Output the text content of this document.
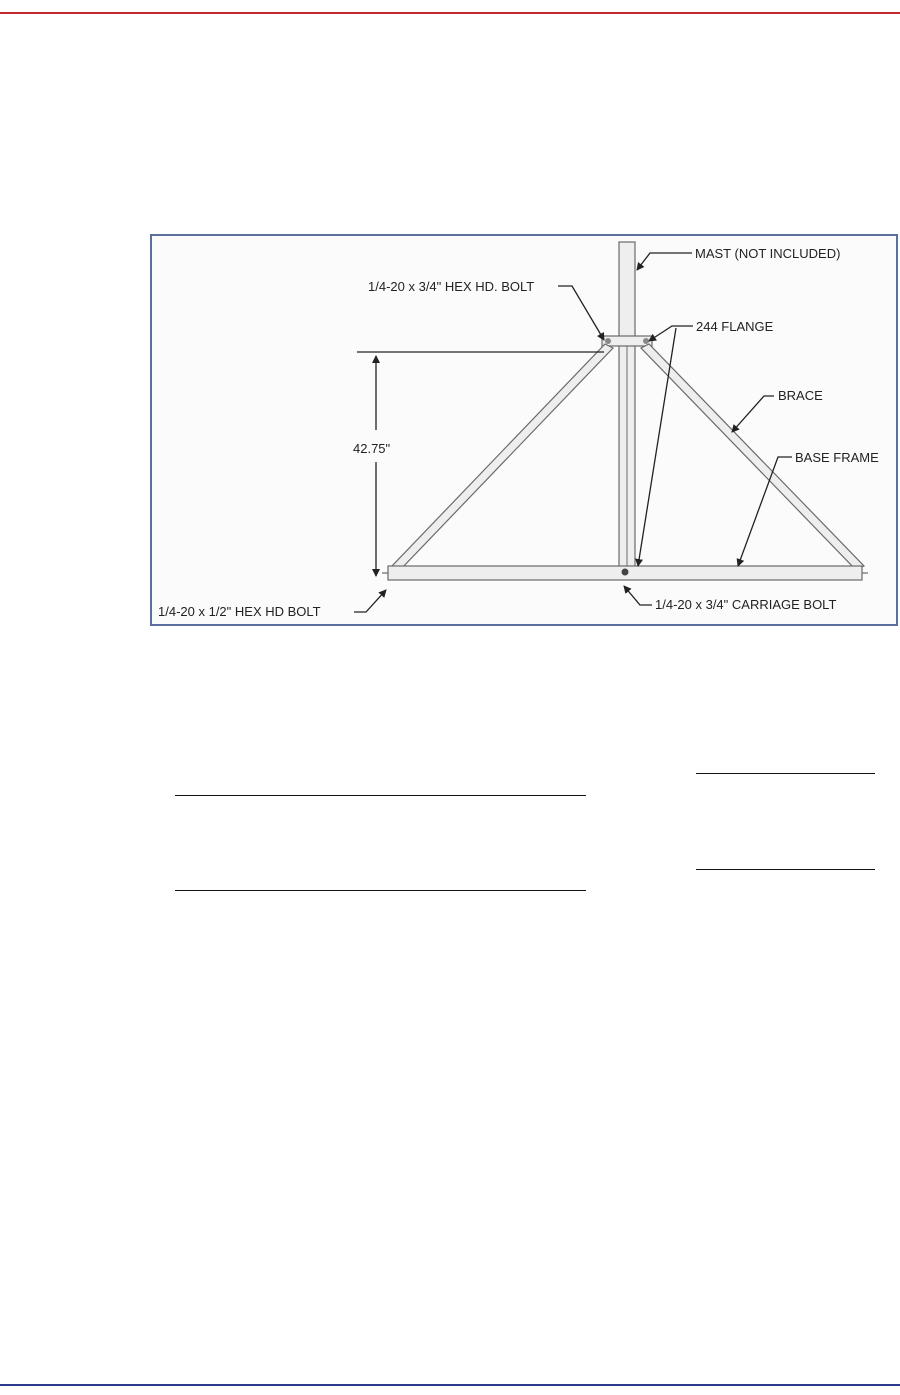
MAST (NOT INCLUDED)
1/4-20 x 3/4" HEX HD. BOLT
244 FLANGE
BRACE
BASE FRAME
42.75"
1/4-20 x 1/2" HEX HD BOLT	1/4-20 x 3/4" CARRIAGE BOLT
